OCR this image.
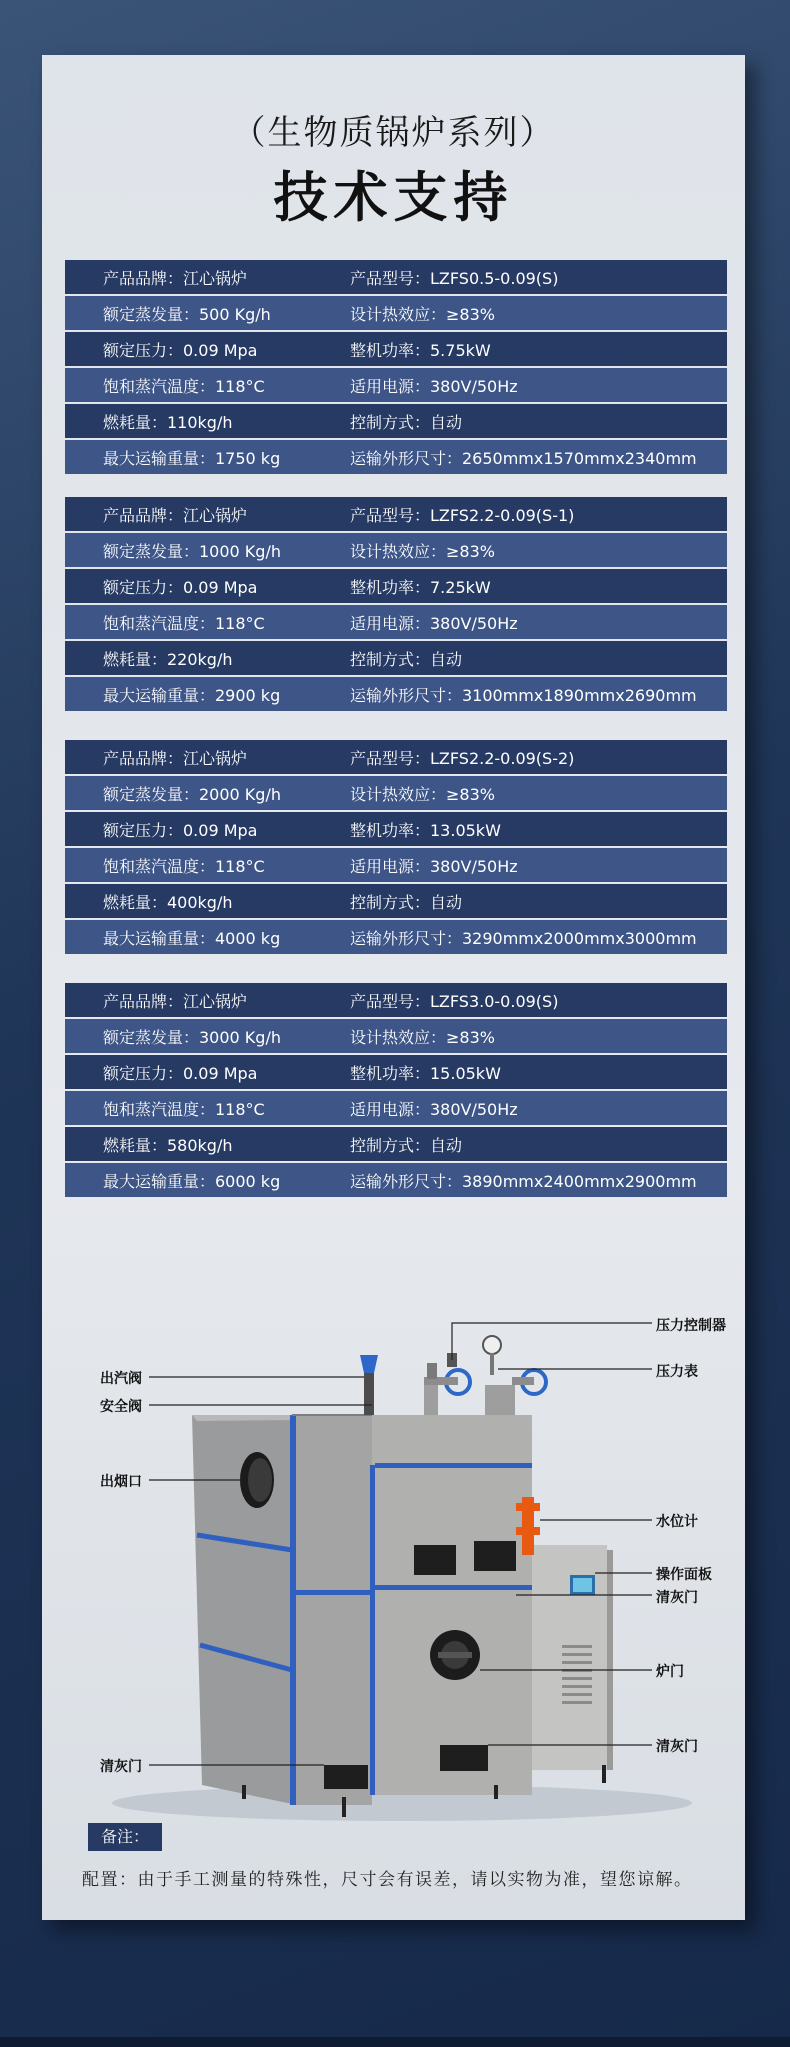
（生物质锅炉系列）
技术支持
产品品牌：江心锅炉	产品型号：LZFS0.5-0.09(S)
额定蒸发量：500 Kg/h	设计热效应：≥83%
额定压力：0.09 Mpa	整机功率：5.75kW
饱和蒸汽温度：118°C	适用电源：380V/50Hz
燃耗量：110kg/h	控制方式：自动
最大运输重量：1750 kg	运输外形尺寸：2650mmx1570mmx2340mm
产品品牌：江心锅炉	产品型号：LZFS2.2-0.09(S-1)
额定蒸发量：1000 Kg/h	设计热效应：≥83%
额定压力：0.09 Mpa	整机功率：7.25kW
饱和蒸汽温度：118°C	适用电源：380V/50Hz
燃耗量：220kg/h	控制方式：自动
最大运输重量：2900 kg	运输外形尺寸：3100mmx1890mmx2690mm
产品品牌：江心锅炉	产品型号：LZFS2.2-0.09(S-2)
额定蒸发量：2000 Kg/h	设计热效应：≥83%
额定压力：0.09 Mpa	整机功率：13.05kW
饱和蒸汽温度：118°C	适用电源：380V/50Hz
燃耗量：400kg/h	控制方式：自动
最大运输重量：4000 kg	运输外形尺寸：3290mmx2000mmx3000mm
产品品牌：江心锅炉	产品型号：LZFS3.0-0.09(S)
额定蒸发量：3000 Kg/h	设计热效应：≥83%
额定压力：0.09 Mpa	整机功率：15.05kW
饱和蒸汽温度：118°C	适用电源：380V/50Hz
燃耗量：580kg/h	控制方式：自动
最大运输重量：6000 kg	运输外形尺寸：3890mmx2400mmx2900mm
压力控制器
压力表
出汽阀
安全阀
出烟口
水位计
操作面板
清灰门
炉门
清灰门
清灰门
备注：
配置：由于手工测量的特殊性，尺寸会有误差，请以实物为准，望您谅解。
